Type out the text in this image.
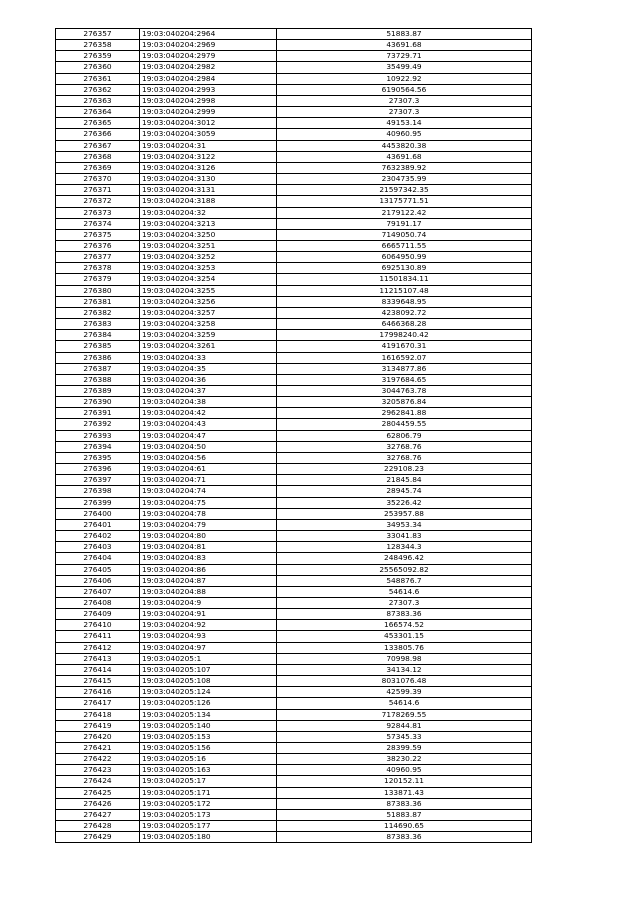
276357	19:03:040204:2964	51883.87
276358	19:03:040204:2969	43691.68
276359	19:03:040204:2979	73729.71
276360	19:03:040204:2982	35499.49
276361	19:03:040204:2984	10922.92
276362	19:03:040204:2993	6190564.56
276363	19:03:040204:2998	27307.3
276364	19:03:040204:2999	27307.3
276365	19:03:040204:3012	49153.14
276366	19:03:040204:3059	40960.95
276367	19:03:040204:31	4453820.38
276368	19:03:040204:3122	43691.68
276369	19:03:040204:3126	7632389.92
276370	19:03:040204:3130	2304735.99
276371	19:03:040204:3131	21597342.35
276372	19:03:040204:3188	13175771.51
276373	19:03:040204:32	2179122.42
276374	19:03:040204:3213	79191.17
276375	19:03:040204:3250	7149050.74
276376	19:03:040204:3251	6665711.55
276377	19:03:040204:3252	6064950.99
276378	19:03:040204:3253	6925130.89
276379	19:03:040204:3254	11501834.11
276380	19:03:040204:3255	11215107.48
276381	19:03:040204:3256	8339648.95
276382	19:03:040204:3257	4238092.72
276383	19:03:040204:3258	6466368.28
276384	19:03:040204:3259	17998240.42
276385	19:03:040204:3261	4191670.31
276386	19:03:040204:33	1616592.07
276387	19:03:040204:35	3134877.86
276388	19:03:040204:36	3197684.65
276389	19:03:040204:37	3044763.78
276390	19:03:040204:38	3205876.84
276391	19:03:040204:42	2962841.88
276392	19:03:040204:43	2804459.55
276393	19:03:040204:47	62806.79
276394	19:03:040204:50	32768.76
276395	19:03:040204:56	32768.76
276396	19:03:040204:61	229108.23
276397	19:03:040204:71	21845.84
276398	19:03:040204:74	28945.74
276399	19:03:040204:75	35226.42
276400	19:03:040204:78	253957.88
276401	19:03:040204:79	34953.34
276402	19:03:040204:80	33041.83
276403	19:03:040204:81	128344.3
276404	19:03:040204:83	248496.42
276405	19:03:040204:86	25565092.82
276406	19:03:040204:87	548876.7
276407	19:03:040204:88	54614.6
276408	19:03:040204:9	27307.3
276409	19:03:040204:91	87383.36
276410	19:03:040204:92	166574.52
276411	19:03:040204:93	453301.15
276412	19:03:040204:97	133805.76
276413	19:03:040205:1	70998.98
276414	19:03:040205:107	34134.12
276415	19:03:040205:108	8031076.48
276416	19:03:040205:124	42599.39
276417	19:03:040205:126	54614.6
276418	19:03:040205:134	7178269.55
276419	19:03:040205:140	92844.81
276420	19:03:040205:153	57345.33
276421	19:03:040205:156	28399.59
276422	19:03:040205:16	38230.22
276423	19:03:040205:163	40960.95
276424	19:03:040205:17	120152.11
276425	19:03:040205:171	133871.43
276426	19:03:040205:172	87383.36
276427	19:03:040205:173	51883.87
276428	19:03:040205:177	114690.65
276429	19:03:040205:180	87383.36
